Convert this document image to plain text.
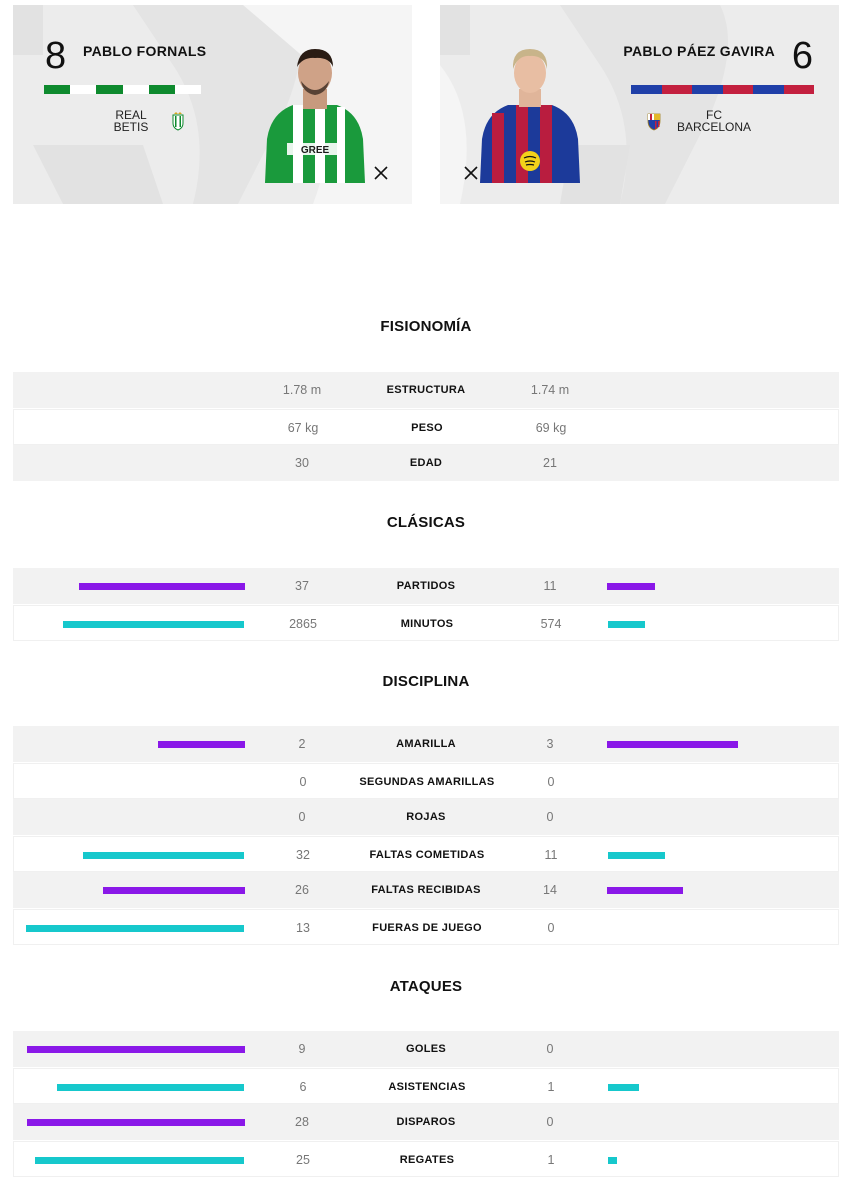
8 PABLO FORNALS
REAL BETIS
GREE
6
PABLO PÁEZ GAVIRA
FC BARCELONA
FISIONOMÍA
1.78 m	ESTRUCTURA	1.74 m
67 kg	PESO	69 kg
30	EDAD	21
CLÁSICAS
37	PARTIDOS	11
2865	MINUTOS	574
DISCIPLINA
2	AMARILLA	3
0	SEGUNDAS AMARILLAS	0
0	ROJAS	0
32	FALTAS COMETIDAS	11
26	FALTAS RECIBIDAS	14
13	FUERAS DE JUEGO	0
ATAQUES
9	GOLES	0
6	ASISTENCIAS	1
28	DISPAROS	0
25	REGATES	1
